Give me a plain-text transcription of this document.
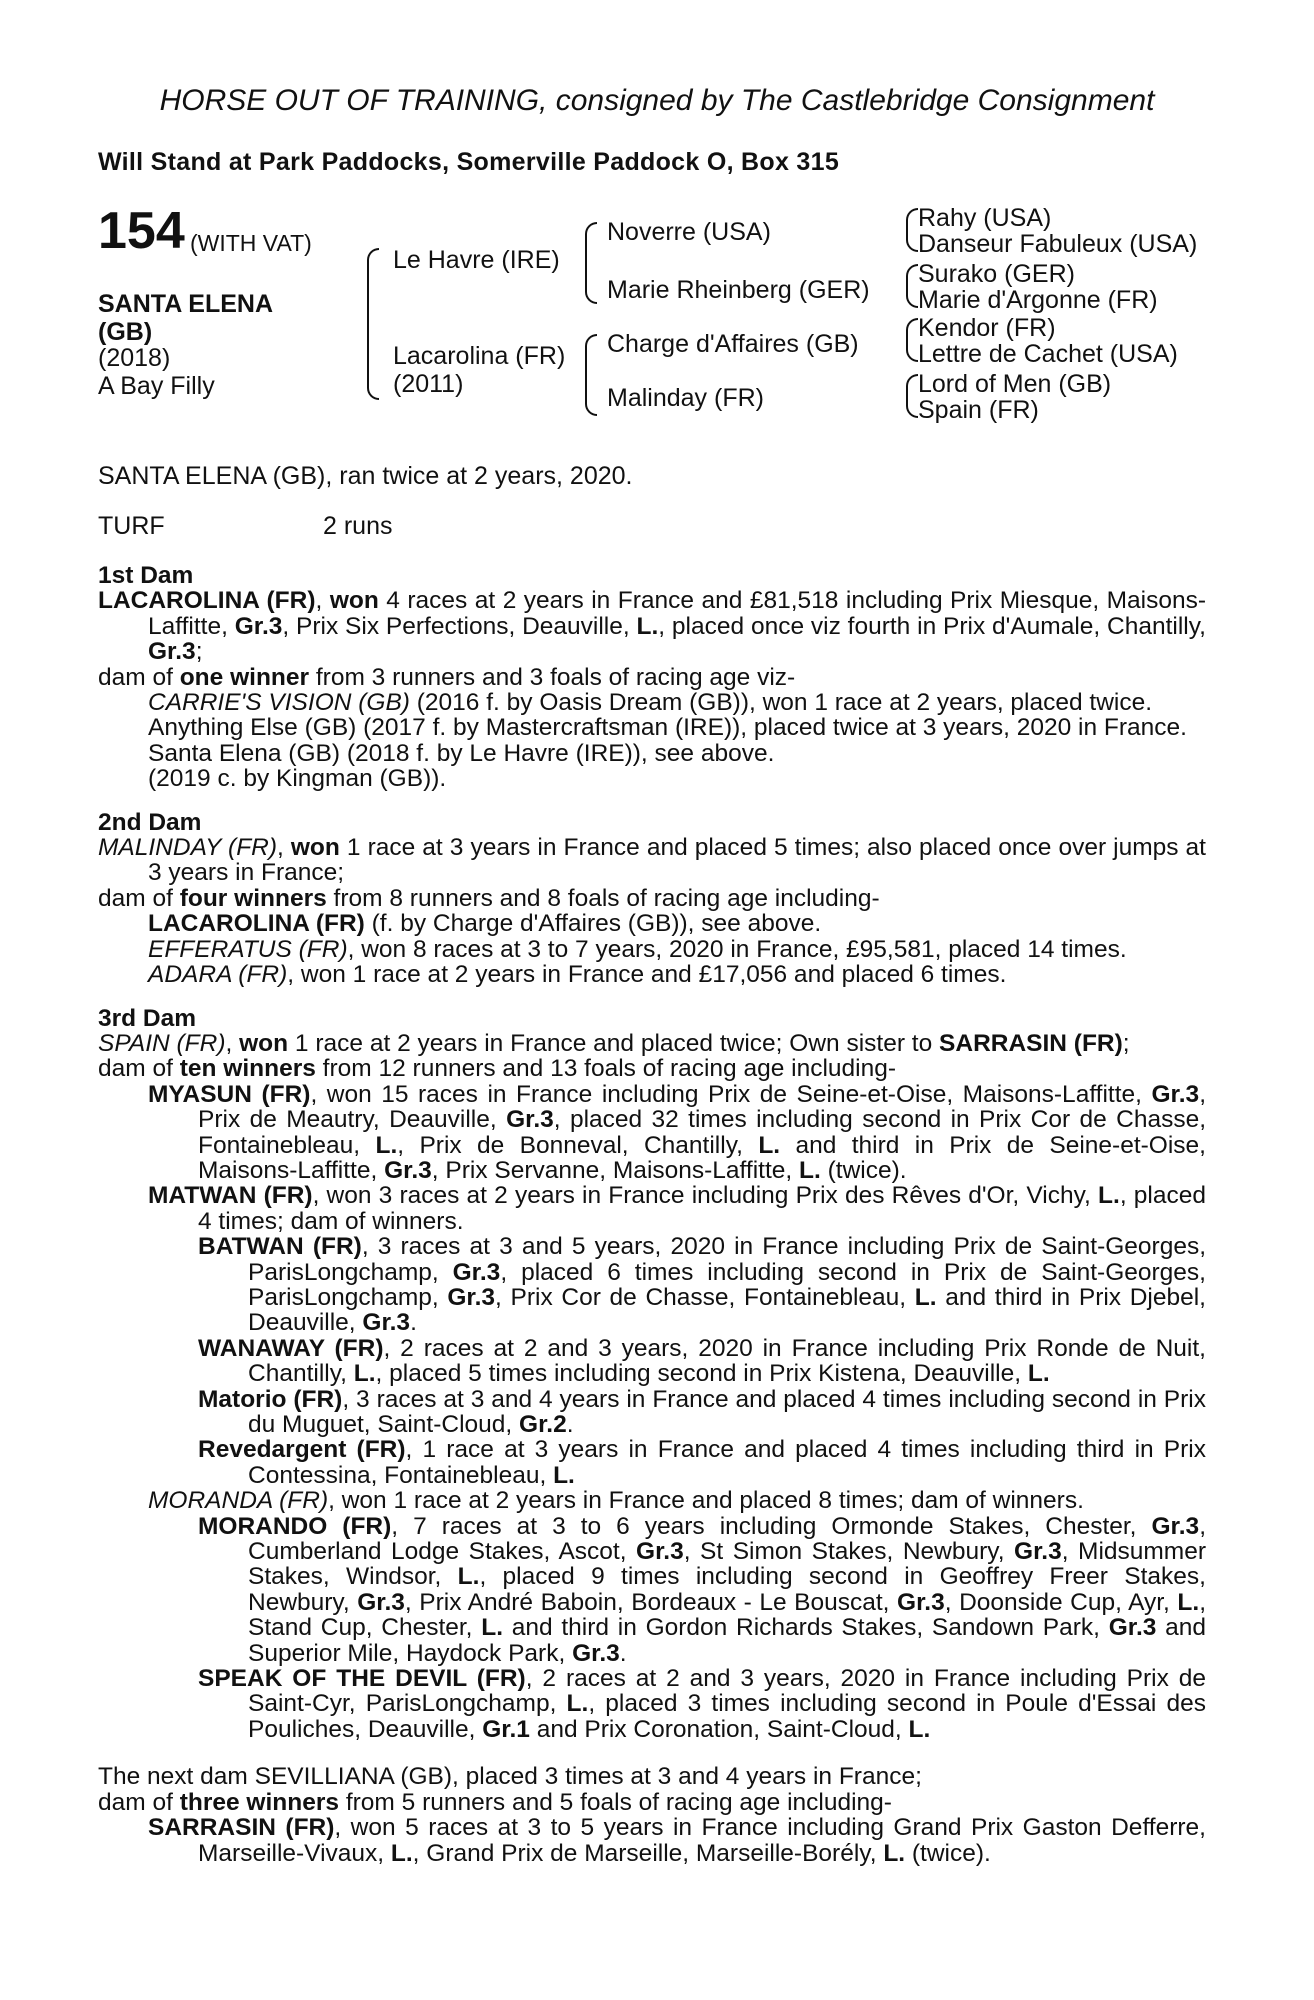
HORSE OUT OF TRAINING, consigned by The Castlebridge Consignment
Will Stand at Park Paddocks, Somerville Paddock O, Box 315
154 (WITH VAT)
SANTA ELENA
(GB)
(2018)
A Bay Filly
Le Havre (IRE)
Lacarolina (FR)
(2011)
Noverre (USA)
Marie Rheinberg (GER)
Charge d'Affaires (GB)
Malinday (FR)
Rahy (USA)
Danseur Fabuleux (USA)
Surako (GER)
Marie d'Argonne (FR)
Kendor (FR)
Lettre de Cachet (USA)
Lord of Men (GB)
Spain (FR)
SANTA ELENA (GB), ran twice at 2 years, 2020.
TURF	2 runs

1st Dam

LACAROLINA (FR), won 4 races at 2 years in France and £81,518 including Prix Miesque, Maisons-Laffitte, Gr.3, Prix Six Perfections, Deauville, L., placed once viz fourth in Prix d'Aumale, Chantilly, Gr.3;

dam of one winner from 3 runners and 3 foals of racing age viz-

CARRIE'S VISION (GB) (2016 f. by Oasis Dream (GB)), won 1 race at 2 years, placed twice.

Anything Else (GB) (2017 f. by Mastercraftsman (IRE)), placed twice at 3 years, 2020 in France.

Santa Elena (GB) (2018 f. by Le Havre (IRE)), see above.

(2019 c. by Kingman (GB)).

2nd Dam

MALINDAY (FR), won 1 race at 3 years in France and placed 5 times; also placed once over jumps at 3 years in France;

dam of four winners from 8 runners and 8 foals of racing age including-

LACAROLINA (FR) (f. by Charge d'Affaires (GB)), see above.

EFFERATUS (FR), won 8 races at 3 to 7 years, 2020 in France, £95,581, placed 14 times.

ADARA (FR), won 1 race at 2 years in France and £17,056 and placed 6 times.

3rd Dam

SPAIN (FR), won 1 race at 2 years in France and placed twice; Own sister to SARRASIN (FR);

dam of ten winners from 12 runners and 13 foals of racing age including-

MYASUN (FR), won 15 races in France including Prix de Seine-et-Oise, Maisons-Laffitte, Gr.3, Prix de Meautry, Deauville, Gr.3, placed 32 times including second in Prix Cor de Chasse, Fontainebleau, L., Prix de Bonneval, Chantilly, L. and third in Prix de Seine-et-Oise, Maisons-Laffitte, Gr.3, Prix Servanne, Maisons-Laffitte, L. (twice).

MATWAN (FR), won 3 races at 2 years in France including Prix des Rêves d'Or, Vichy, L., placed 4 times; dam of winners.

BATWAN (FR), 3 races at 3 and 5 years, 2020 in France including Prix de Saint-Georges, ParisLongchamp, Gr.3, placed 6 times including second in Prix de Saint-Georges, ParisLongchamp, Gr.3, Prix Cor de Chasse, Fontainebleau, L. and third in Prix Djebel, Deauville, Gr.3.

WANAWAY (FR), 2 races at 2 and 3 years, 2020 in France including Prix Ronde de Nuit, Chantilly, L., placed 5 times including second in Prix Kistena, Deauville, L.

Matorio (FR), 3 races at 3 and 4 years in France and placed 4 times including second in Prix du Muguet, Saint-Cloud, Gr.2.

Revedargent (FR), 1 race at 3 years in France and placed 4 times including third in Prix Contessina, Fontainebleau, L.

MORANDA (FR), won 1 race at 2 years in France and placed 8 times; dam of winners.

MORANDO (FR), 7 races at 3 to 6 years including Ormonde Stakes, Chester, Gr.3, Cumberland Lodge Stakes, Ascot, Gr.3, St Simon Stakes, Newbury, Gr.3, Midsummer Stakes, Windsor, L., placed 9 times including second in Geoffrey Freer Stakes, Newbury, Gr.3, Prix André Baboin, Bordeaux - Le Bouscat, Gr.3, Doonside Cup, Ayr, L., Stand Cup, Chester, L. and third in Gordon Richards Stakes, Sandown Park, Gr.3 and Superior Mile, Haydock Park, Gr.3.

SPEAK OF THE DEVIL (FR), 2 races at 2 and 3 years, 2020 in France including Prix de Saint-Cyr, ParisLongchamp, L., placed 3 times including second in Poule d'Essai des Pouliches, Deauville, Gr.1 and Prix Coronation, Saint-Cloud, L.

The next dam SEVILLIANA (GB), placed 3 times at 3 and 4 years in France;

dam of three winners from 5 runners and 5 foals of racing age including-

SARRASIN (FR), won 5 races at 3 to 5 years in France including Grand Prix Gaston Defferre, Marseille-Vivaux, L., Grand Prix de Marseille, Marseille-Borély, L. (twice).
